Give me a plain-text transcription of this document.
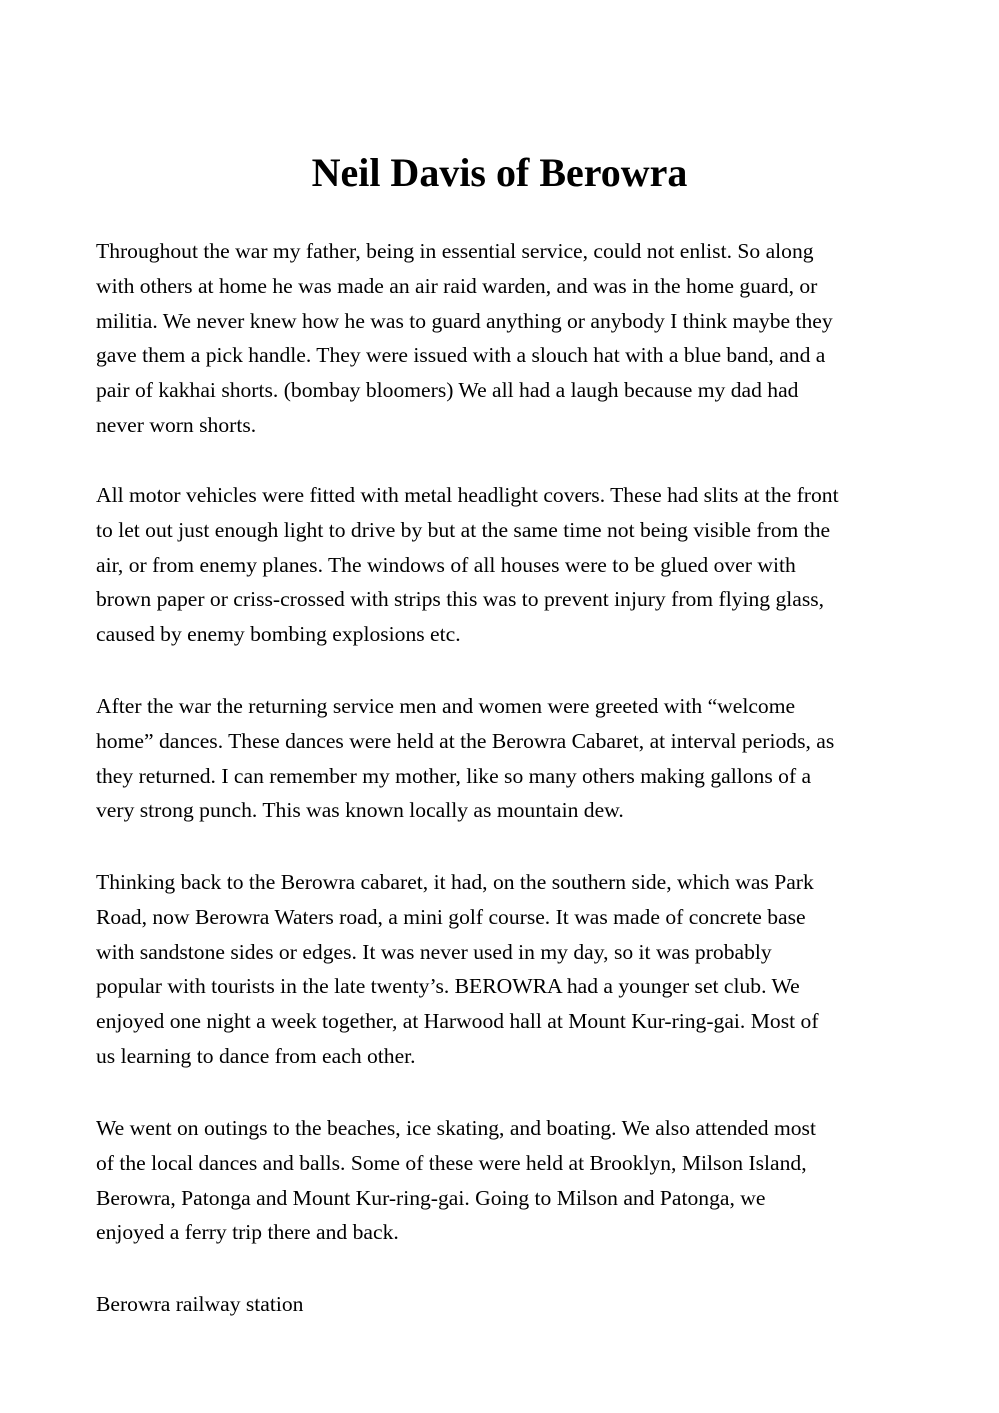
Neil Davis of Berowra

Throughout the war my father, being in essential service, could not enlist. So along
with others at home he was made an air raid warden, and was in the home guard, or
militia. We never knew how he was to guard anything or anybody I think maybe they
gave them a pick handle. They were issued with a slouch hat with a blue band, and a
pair of kakhai shorts. (bombay bloomers) We all had a laugh because my dad had
never worn shorts.

All motor vehicles were fitted with metal headlight covers. These had slits at the front
to let out just enough light to drive by but at the same time not being visible from the
air, or from enemy planes. The windows of all houses were to be glued over with
brown paper or criss-crossed with strips this was to prevent injury from flying glass,
caused by enemy bombing explosions etc.

After the war the returning service men and women were greeted with “welcome
home” dances. These dances were held at the Berowra Cabaret, at interval periods, as
they returned. I can remember my mother, like so many others making gallons of a
very strong punch. This was known locally as mountain dew.

Thinking back to the Berowra cabaret, it had, on the southern side, which was Park
Road, now Berowra Waters road, a mini golf course. It was made of concrete base
with sandstone sides or edges. It was never used in my day, so it was probably
popular with tourists in the late twenty’s. BEROWRA had a younger set club. We
enjoyed one night a week together, at Harwood hall at Mount Kur-ring-gai. Most of
us learning to dance from each other.

We went on outings to the beaches, ice skating, and boating. We also attended most
of the local dances and balls. Some of these were held at Brooklyn, Milson Island,
Berowra, Patonga and Mount Kur-ring-gai. Going to Milson and Patonga, we
enjoyed a ferry trip there and back.

Berowra railway station
